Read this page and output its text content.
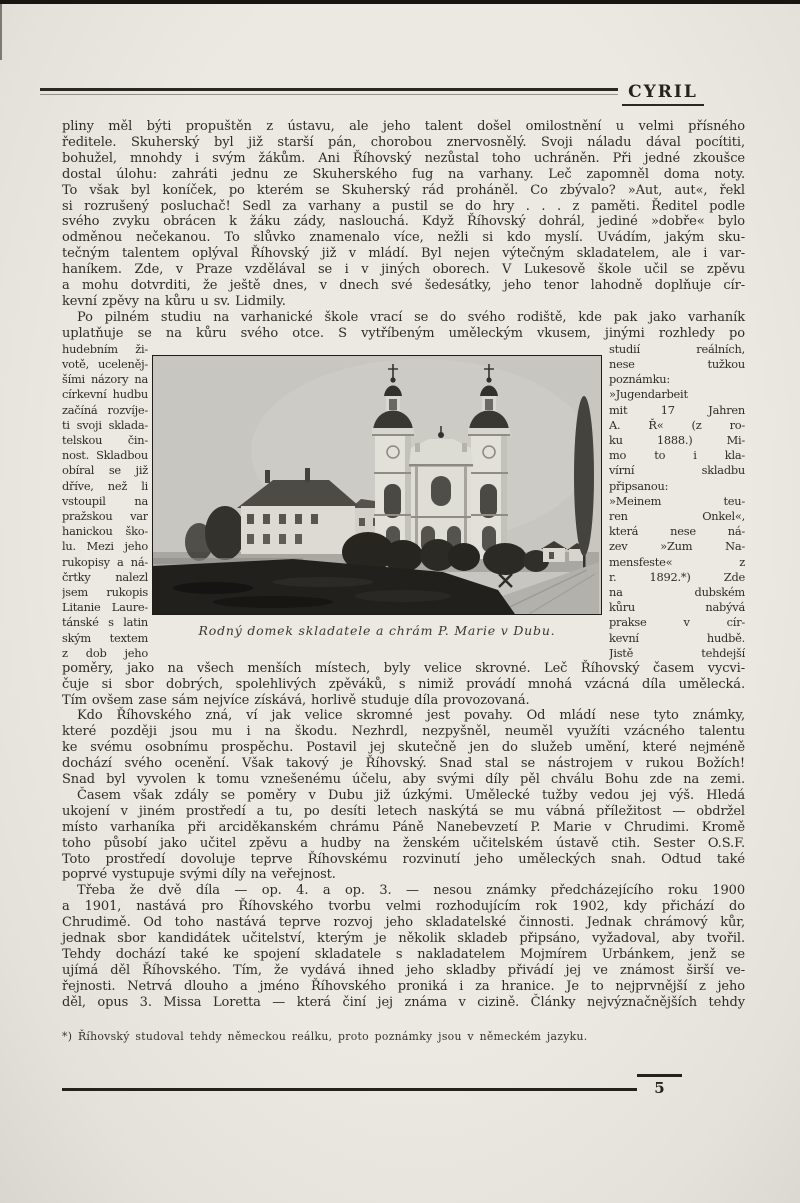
CYRIL
pliny měl býti propuštěn z ústavu, ale jeho talent došel omilostnění u velmi přísného
ředitele. Skuherský byl již starší pán, chorobou znervosnělý. Svoji náladu dával pocítiti,
bohužel, mnohdy i svým žákům. Ani Říhovský nezůstal toho uchráněn. Při jedné zkoušce
dostal úlohu: zahráti jednu ze Skuherského fug na varhany. Leč zapomněl doma noty.
To však byl koníček, po kterém se Skuherský rád proháněl. Co zbývalo? »Aut, aut«, řekl
si rozrušený posluchač! Sedl za varhany a pustil se do hry . . . z paměti. Ředitel podle
svého zvyku obrácen k žáku zády, naslouchá. Když Říhovský dohrál, jediné »dobře« bylo
odměnou nečekanou. To slůvko znamenalo více, nežli si kdo myslí. Uvádím, jakým sku-
tečným talentem oplýval Říhovský již v mládí. Byl nejen výtečným skladatelem, ale i var-
haníkem. Zde, v Praze vzdělával se i v jiných oborech. V Lukesově škole učil se zpěvu
a mohu dotvrditi, že ještě dnes, v dnech své šedesátky, jeho tenor lahodně doplňuje cír-
kevní zpěvy na kůru u sv. Lidmily.
Po pilném studiu na varhanické škole vrací se do svého rodiště, kde pak jako varhaník
uplatňuje se na kůru svého otce. S vytříbeným uměleckým vkusem, jinými rozhledy po
hudebním ži-
votě, uceleněj-
šími názory na
církevní hudbu
začíná rozvíje-
ti svoji sklada-
telskou čin-
nost. Skladbou
obíral se již
dříve, než li
vstoupil na
pražskou var
hanickou ško-
lu. Mezi jeho
rukopisy a ná-
črtky nalezl
jsem rukopis
Litanie Laure-
tánské s latin
ským textem
z dob jeho
Rodný domek skladatele a chrám P. Marie v Dubu.
studií reálních,
nese tužkou
poznámku:
»Jugendarbeit
mit 17 Jahren
A. Ř« (z ro-
ku 1888.) Mi-
mo to i kla-
vírní skladbu
připsanou:
»Meinem teu-
ren Onkel«,
která nese ná-
zev »Zum Na-
mensfeste« z
r. 1892.*) Zde
na dubském
kůru nabývá
prakse v cír-
kevní hudbě.
Jistě tehdejší
poměry, jako na všech menších místech, byly velice skrovné. Leč Říhovský časem vycvi-
čuje si sbor dobrých, spolehlivých zpěváků, s nimiž provádí mnohá vzácná díla umělecká.
Tím ovšem zase sám nejvíce získává, horlivě studuje díla provozovaná.
Kdo Říhovského zná, ví jak velice skromné jest povahy. Od mládí nese tyto známky,
které později jsou mu i na škodu. Nezhrdl, nezpyšněl, neuměl využíti vzácného talentu
ke svému osobnímu prospěchu. Postavil jej skutečně jen do služeb umění, které nejméně
dochází svého ocenění. Však takový je Říhovský. Snad stal se nástrojem v rukou Božích!
Snad byl vyvolen k tomu vznešenému účelu, aby svými díly pěl chválu Bohu zde na zemi.
Časem však zdály se poměry v Dubu již úzkými. Umělecké tužby vedou jej výš. Hledá
ukojení v jiném prostředí a tu, po desíti letech naskýtá se mu vábná příležitost — obdržel
místo varhaníka při arciděkanském chrámu Páně Nanebevzetí P. Marie v Chrudimi. Kromě
toho působí jako učitel zpěvu a hudby na ženském učitelském ústavě ctih. Sester O.S.F.
Toto prostředí dovoluje teprve Říhovskému rozvinutí jeho uměleckých snah. Odtud také
poprvé vystupuje svými díly na veřejnost.
Třeba že dvě díla — op. 4. a op. 3. — nesou známky předcházejícího roku 1900
a 1901, nastává pro Říhovského tvorbu velmi rozhodujícím rok 1902, kdy přichází do
Chrudimě. Od toho nastává teprve rozvoj jeho skladatelské činnosti. Jednak chrámový kůr,
jednak sbor kandidátek učitelství, kterým je několik skladeb připsáno, vyžadoval, aby tvořil.
Tehdy dochází také ke spojení skladatele s nakladatelem Mojmírem Urbánkem, jenž se
ujímá děl Říhovského. Tím, že vydává ihned jeho skladby přivádí jej ve známost širší ve-
řejnosti. Netrvá dlouho a jméno Říhovského proniká i za hranice. Je to nejprvnější z jeho
děl, opus 3. Missa Loretta — která činí jej známa v cizině. Články nejvýznačnějších tehdy
*) Říhovský studoval tehdy německou reálku, proto poznámky jsou v německém jazyku.
5
